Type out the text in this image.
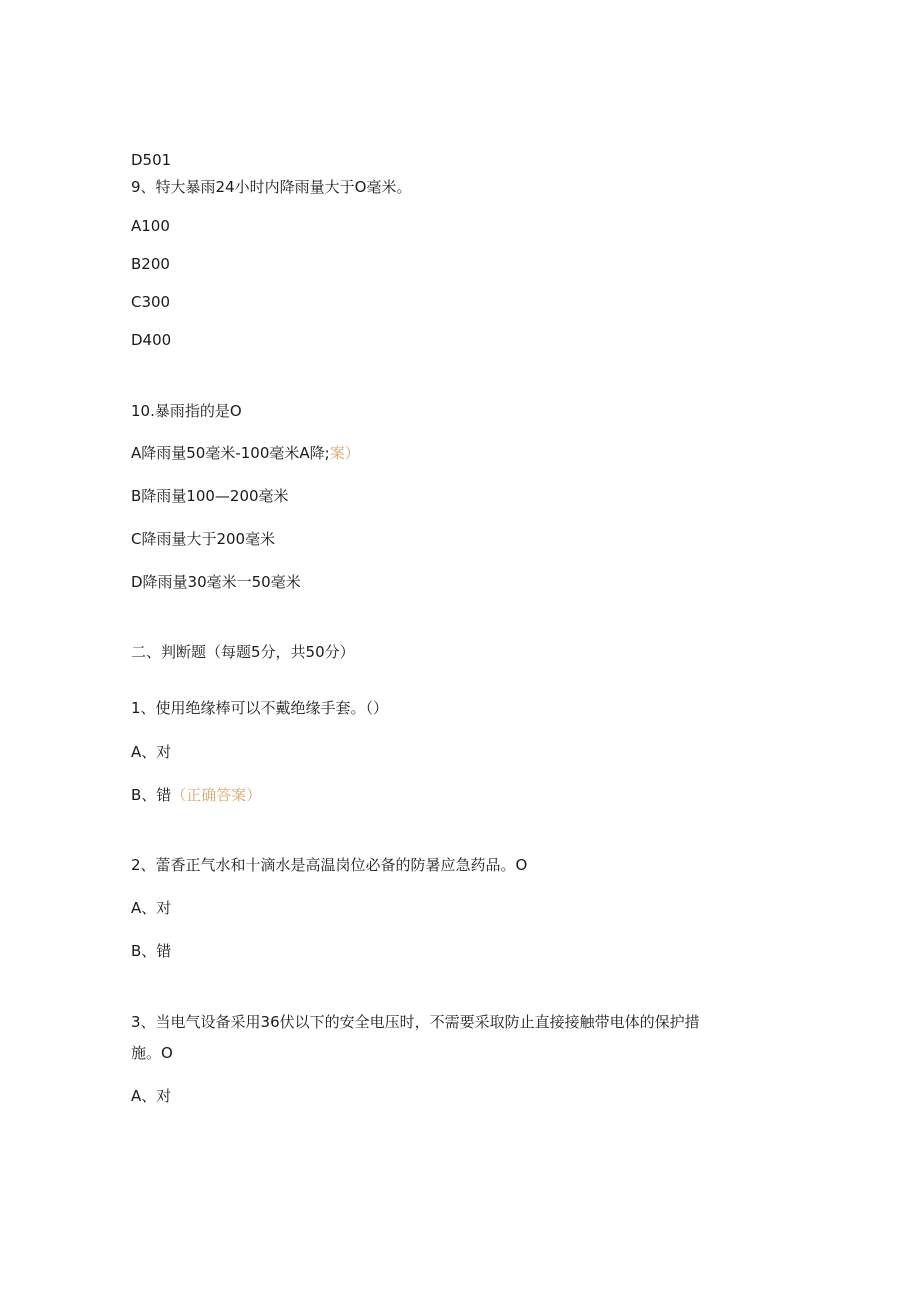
D501
9、特大暴雨24小时内降雨量大于O毫米。
A100
B200
C300
D400
10.暴雨指的是O
A降雨量50毫米-100毫米A降;案）
B降雨量100—200毫米
C降雨量大于200毫米
D降雨量30毫米一50毫米
二、判断题（每题5分，共50分）
1、使用绝缘棒可以不戴绝缘手套。（）
A、对
B、错（正确答案）
2、蕾香正气水和十滴水是高温岗位必备的防暑应急药品。O
A、对
B、错
3、当电气设备采用36伏以下的安全电压时，不需要采取防止直接接触带电体的保护措
施。O
A、对
